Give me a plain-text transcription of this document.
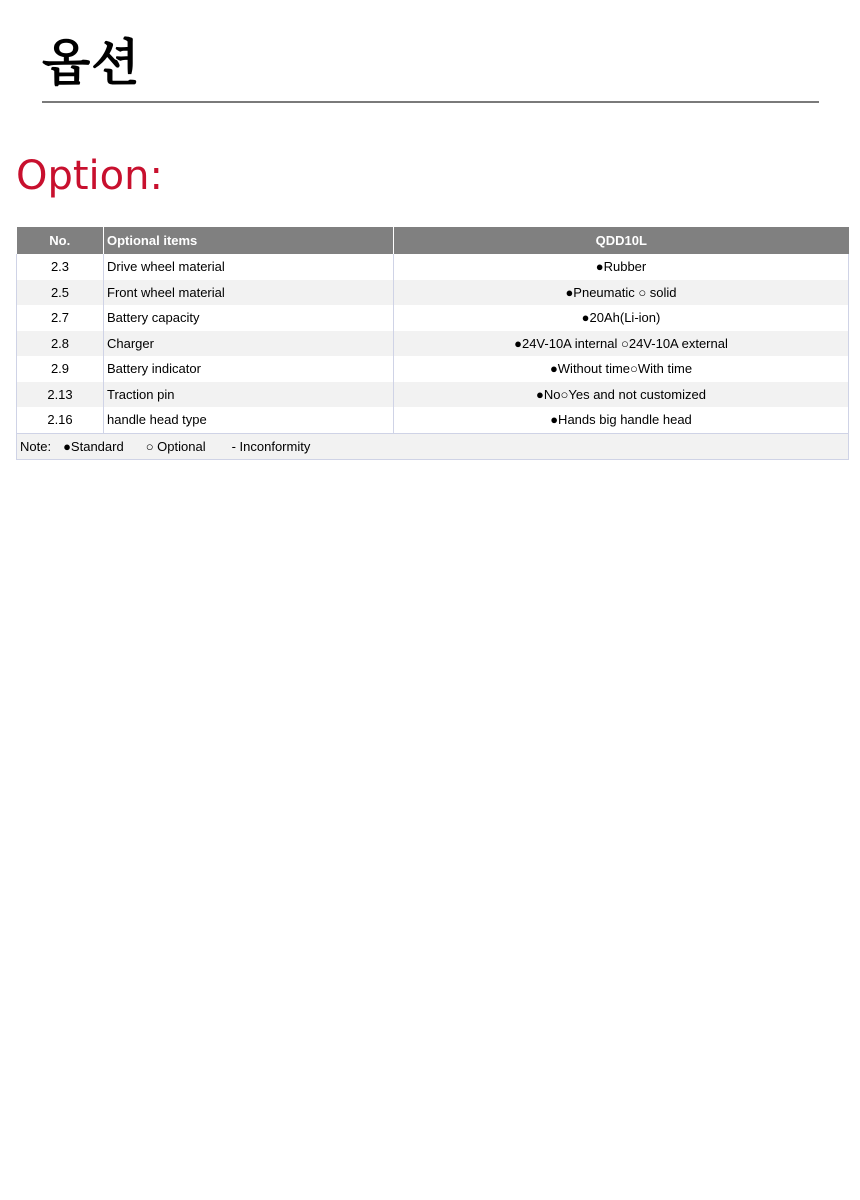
옵션
Option:
No.	Optional items	QDD10L
2.3	Drive wheel material	●Rubber
2.5	Front wheel material	●Pneumatic ○ solid
2.7	Battery capacity	●20Ah(Li-ion)
2.8	Charger	●24V-10A internal ○24V-10A external
2.9	Battery indicator	●Without time○With time
2.13	Traction pin	●No○Yes and not customized
2.16	handle head type	●Hands big handle head
Note: ●Standard ○ Optional - Inconformity		
